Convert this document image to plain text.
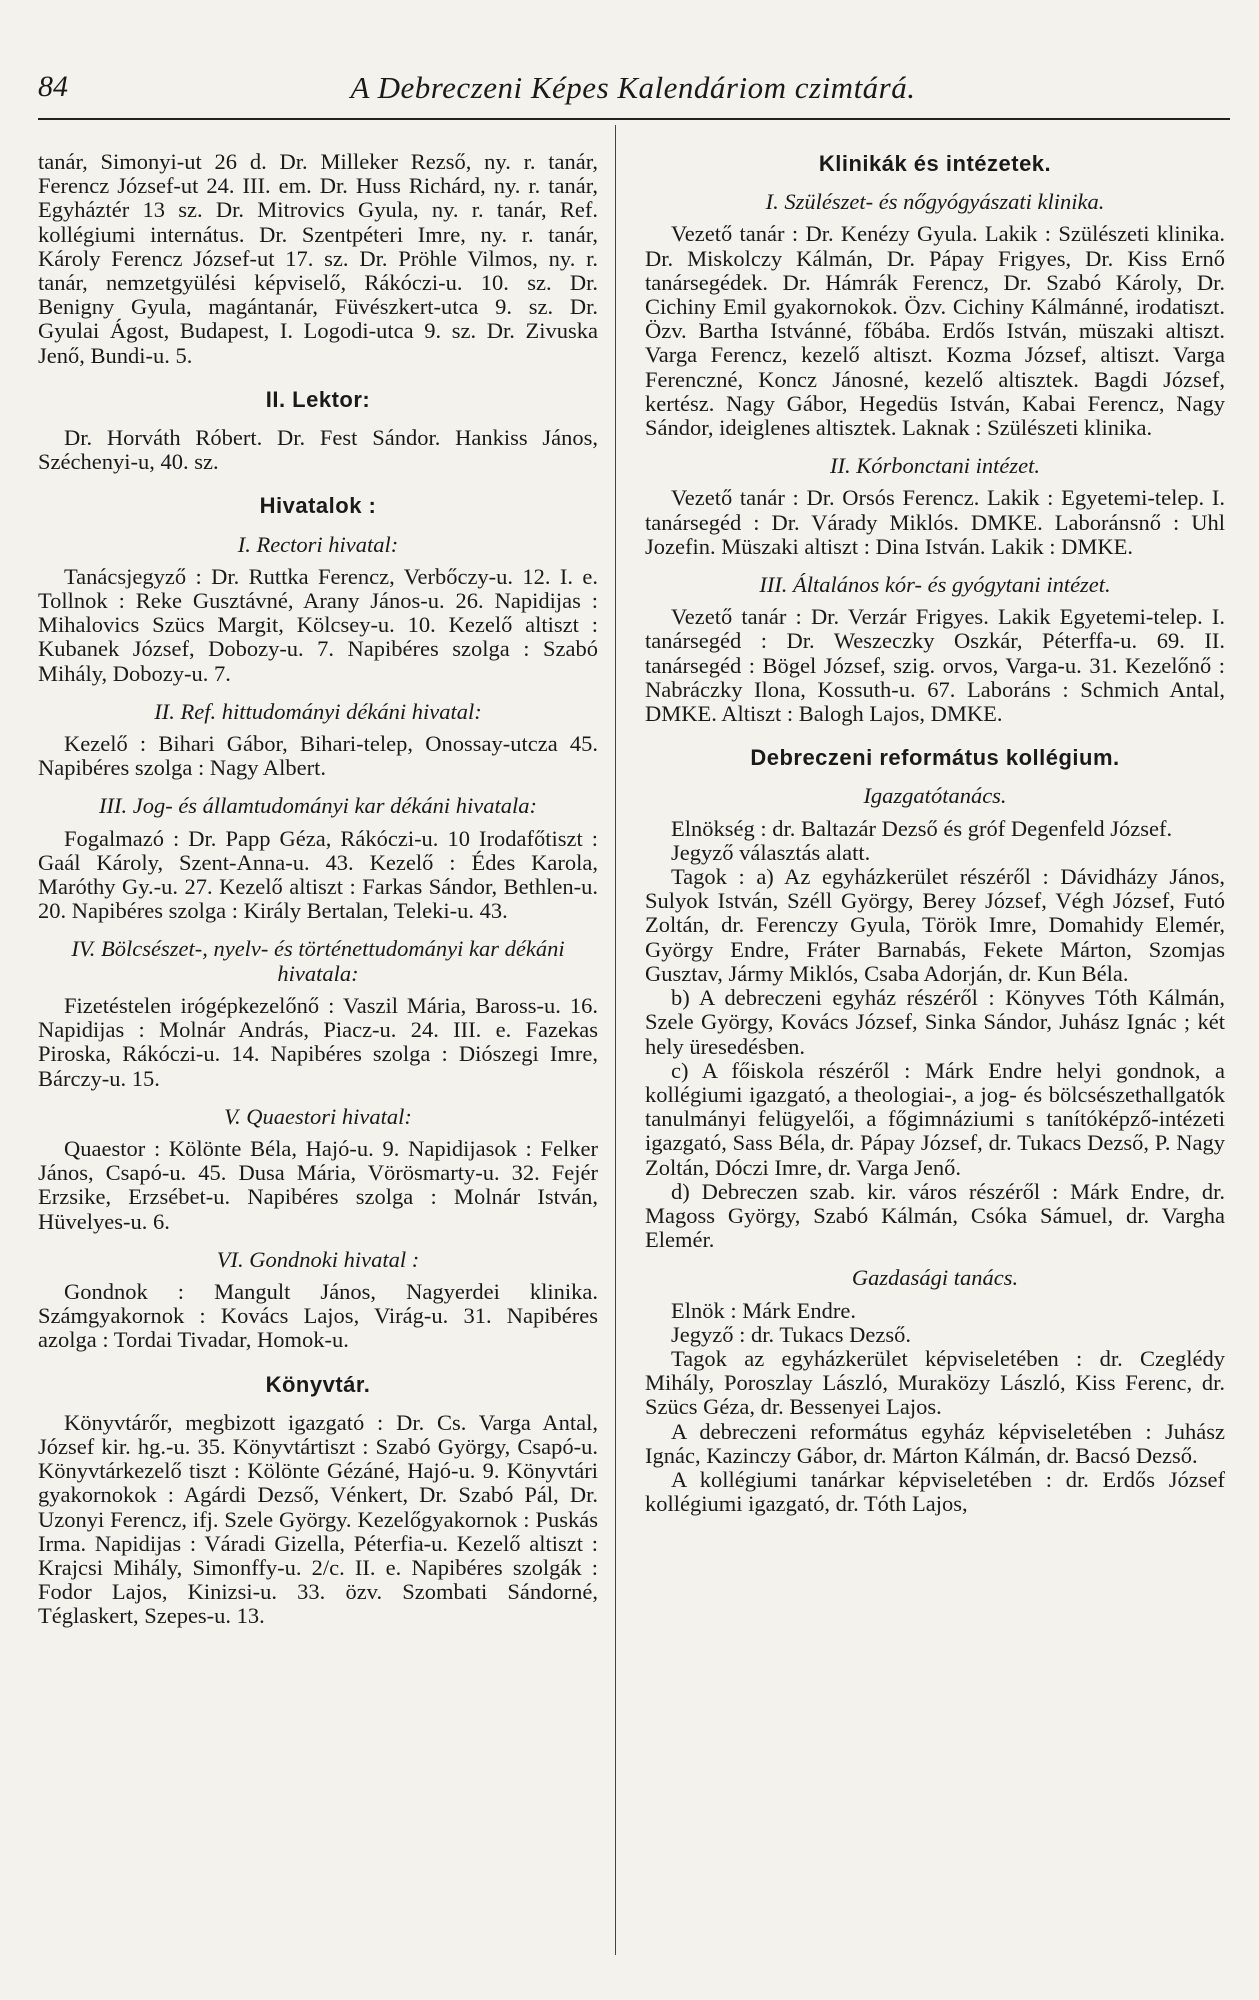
84	A Debreczeni Képes Kalendáriom czimtárá.

tanár, Simonyi-ut 26 d. Dr. Milleker Rezső, ny. r. tanár, Ferencz József-ut 24. III. em. Dr. Huss Richárd, ny. r. tanár, Egyháztér 13 sz. Dr. Mitrovics Gyula, ny. r. tanár, Ref. kollégiumi internátus. Dr. Szentpéteri Imre, ny. r. tanár, Károly Ferencz József-ut 17. sz. Dr. Pröhle Vilmos, ny. r. tanár, nemzetgyülési képviselő, Rákóczi-u. 10. sz. Dr. Benigny Gyula, magántanár, Füvészkert-utca 9. sz. Dr. Gyulai Ágost, Budapest, I. Logodi-utca 9. sz. Dr. Zivuska Jenő, Bundi-u. 5.

II. Lektor:

Dr. Horváth Róbert. Dr. Fest Sándor. Hankiss János, Széchenyi-u, 40. sz.

Hivatalok :
I. Rectori hivatal:

Tanácsjegyző : Dr. Ruttka Ferencz, Verbőczy-u. 12. I. e. Tollnok : Reke Gusztávné, Arany János-u. 26. Napidijas : Mihalovics Szücs Margit, Kölcsey-u. 10. Kezelő altiszt : Kubanek József, Dobozy-u. 7. Napibéres szolga : Szabó Mihály, Dobozy-u. 7.

II. Ref. hittudományi dékáni hivatal:

Kezelő : Bihari Gábor, Bihari-telep, Onossay-utcza 45. Napibéres szolga : Nagy Albert.

III. Jog- és államtudományi kar dékáni hivatala:

Fogalmazó : Dr. Papp Géza, Rákóczi-u. 10 Irodafőtiszt : Gaál Károly, Szent-Anna-u. 43. Kezelő : Édes Karola, Maróthy Gy.-u. 27. Kezelő altiszt : Farkas Sándor, Bethlen-u. 20. Napibéres szolga : Király Bertalan, Teleki-u. 43.

IV. Bölcsészet-, nyelv- és történettudományi kar dékáni hivatala:

Fizetéstelen irógépkezelőnő : Vaszil Mária, Baross-u. 16. Napidijas : Molnár András, Piacz-u. 24. III. e. Fazekas Piroska, Rákóczi-u. 14. Napibéres szolga : Diószegi Imre, Bárczy-u. 15.

V. Quaestori hivatal:

Quaestor : Kölönte Béla, Hajó-u. 9. Napidijasok : Felker János, Csapó-u. 45. Dusa Mária, Vörösmarty-u. 32. Fejér Erzsike, Erzsébet-u. Napibéres szolga : Molnár István, Hüvelyes-u. 6.

VI. Gondnoki hivatal :

Gondnok : Mangult János, Nagyerdei klinika. Számgyakornok : Kovács Lajos, Virág-u. 31. Napibéres azolga : Tordai Tivadar, Homok-u.

Könyvtár.

Könyvtárőr, megbizott igazgató : Dr. Cs. Varga Antal, József kir. hg.-u. 35. Könyvtártiszt : Szabó György, Csapó-u. Könyvtárkezelő tiszt : Kölönte Gézáné, Hajó-u. 9. Könyvtári gyakornokok : Agárdi Dezső, Vénkert, Dr. Szabó Pál, Dr. Uzonyi Ferencz, ifj. Szele György. Kezelőgyakornok : Puskás Irma. Napidijas : Váradi Gizella, Péterfia-u. Kezelő altiszt : Krajcsi Mihály, Simonffy-u. 2/c. II. e. Napibéres szolgák : Fodor Lajos, Kinizsi-u. 33. özv. Szombati Sándorné, Téglaskert, Szepes-u. 13.

Klinikák és intézetek.
I. Szülészet- és nőgyógyászati klinika.

Vezető tanár : Dr. Kenézy Gyula. Lakik : Szülészeti klinika. Dr. Miskolczy Kálmán, Dr. Pápay Frigyes, Dr. Kiss Ernő tanársegédek. Dr. Hámrák Ferencz, Dr. Szabó Károly, Dr. Cichiny Emil gyakornokok. Özv. Cichiny Kálmánné, irodatiszt. Özv. Bartha Istvánné, főbába. Erdős István, müszaki altiszt. Varga Ferencz, kezelő altiszt. Kozma József, altiszt. Varga Ferenczné, Koncz Jánosné, kezelő altisztek. Bagdi József, kertész. Nagy Gábor, Hegedüs István, Kabai Ferencz, Nagy Sándor, ideiglenes altisztek. Laknak : Szülészeti klinika.

II. Kórbonctani intézet.

Vezető tanár : Dr. Orsós Ferencz. Lakik : Egyetemi-telep. I. tanársegéd : Dr. Várady Miklós. DMKE. Laboránsnő : Uhl Jozefin. Müszaki altiszt : Dina István. Lakik : DMKE.

III. Általános kór- és gyógytani intézet.

Vezető tanár : Dr. Verzár Frigyes. Lakik Egyetemi-telep. I. tanársegéd : Dr. Weszeczky Oszkár, Péterffa-u. 69. II. tanársegéd : Bögel József, szig. orvos, Varga-u. 31. Kezelőnő : Nabráczky Ilona, Kossuth-u. 67. Laboráns : Schmich Antal, DMKE. Altiszt : Balogh Lajos, DMKE.

Debreczeni református kollégium.
Igazgatótanács.

Elnökség : dr. Baltazár Dezső és gróf Degenfeld József.

Jegyző választás alatt.

Tagok : a) Az egyházkerület részéről : Dávidházy János, Sulyok István, Széll György, Berey József, Végh József, Futó Zoltán, dr. Ferenczy Gyula, Török Imre, Domahidy Elemér, György Endre, Fráter Barnabás, Fekete Márton, Szomjas Gusztav, Jármy Miklós, Csaba Adorján, dr. Kun Béla.

b) A debreczeni egyház részéről : Könyves Tóth Kálmán, Szele György, Kovács József, Sinka Sándor, Juhász Ignác ; két hely üresedésben.

c) A főiskola részéről : Márk Endre helyi gondnok, a kollégiumi igazgató, a theologiai-, a jog- és bölcsészethallgatók tanulmányi felügyelői, a főgimnáziumi s tanítóképző-intézeti igazgató, Sass Béla, dr. Pápay József, dr. Tukacs Dezső, P. Nagy Zoltán, Dóczi Imre, dr. Varga Jenő.

d) Debreczen szab. kir. város részéről : Márk Endre, dr. Magoss György, Szabó Kálmán, Csóka Sámuel, dr. Vargha Elemér.

Gazdasági tanács.

Elnök : Márk Endre.

Jegyző : dr. Tukacs Dezső.

Tagok az egyházkerület képviseletében : dr. Czeglédy Mihály, Poroszlay László, Muraközy László, Kiss Ferenc, dr. Szücs Géza, dr. Bessenyei Lajos.

A debreczeni református egyház képviseletében : Juhász Ignác, Kazinczy Gábor, dr. Márton Kálmán, dr. Bacsó Dezső.

A kollégiumi tanárkar képviseletében : dr. Erdős József kollégiumi igazgató, dr. Tóth Lajos,
